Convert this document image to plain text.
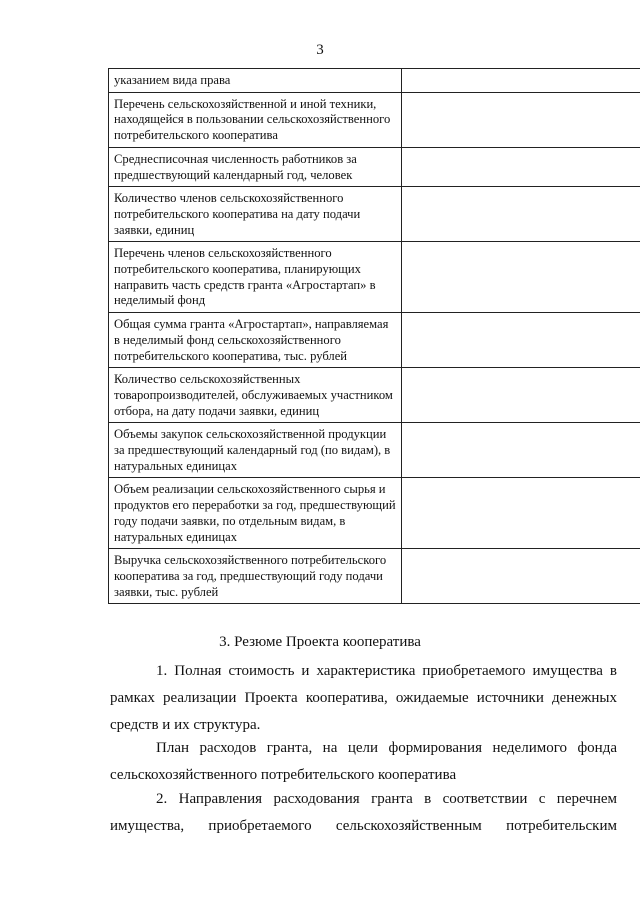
3
указанием вида права	
Перечень сельскохозяйственной и иной техники, находящейся в пользовании сельскохозяйственного потребительского кооператива	
Среднесписочная численность работников за предшествующий календарный год, человек	
Количество членов сельскохозяйственного потребительского кооператива на дату подачи заявки, единиц	
Перечень членов сельскохозяйственного потребительского кооператива, планирующих направить часть средств гранта «Агростартап» в неделимый фонд	
Общая сумма гранта «Агростартап», направляемая в неделимый фонд сельскохозяйственного потребительского кооператива, тыс. рублей	
Количество сельскохозяйственных товаропроизводителей, обслуживаемых участником отбора, на дату подачи заявки, единиц	
Объемы закупок сельскохозяйственной продукции за предшествующий календарный год (по видам), в натуральных единицах	
Объем реализации сельскохозяйственного сырья и продуктов его переработки за год, предшествующий году подачи заявки, по отдельным видам, в натуральных единицах	
Выручка сельскохозяйственного потребительского кооператива за год, предшествующий году подачи заявки, тыс. рублей	
3. Резюме Проекта кооператива
1. Полная стоимость и характеристика приобретаемого имущества в рамках реализации Проекта кооператива, ожидаемые источники денежных средств и их структура.
План расходов гранта, на цели формирования неделимого фонда сельскохозяйственного потребительского кооператива
2. Направления расходования гранта в соответствии с перечнем имущества, приобретаемого сельскохозяйственным потребительским
